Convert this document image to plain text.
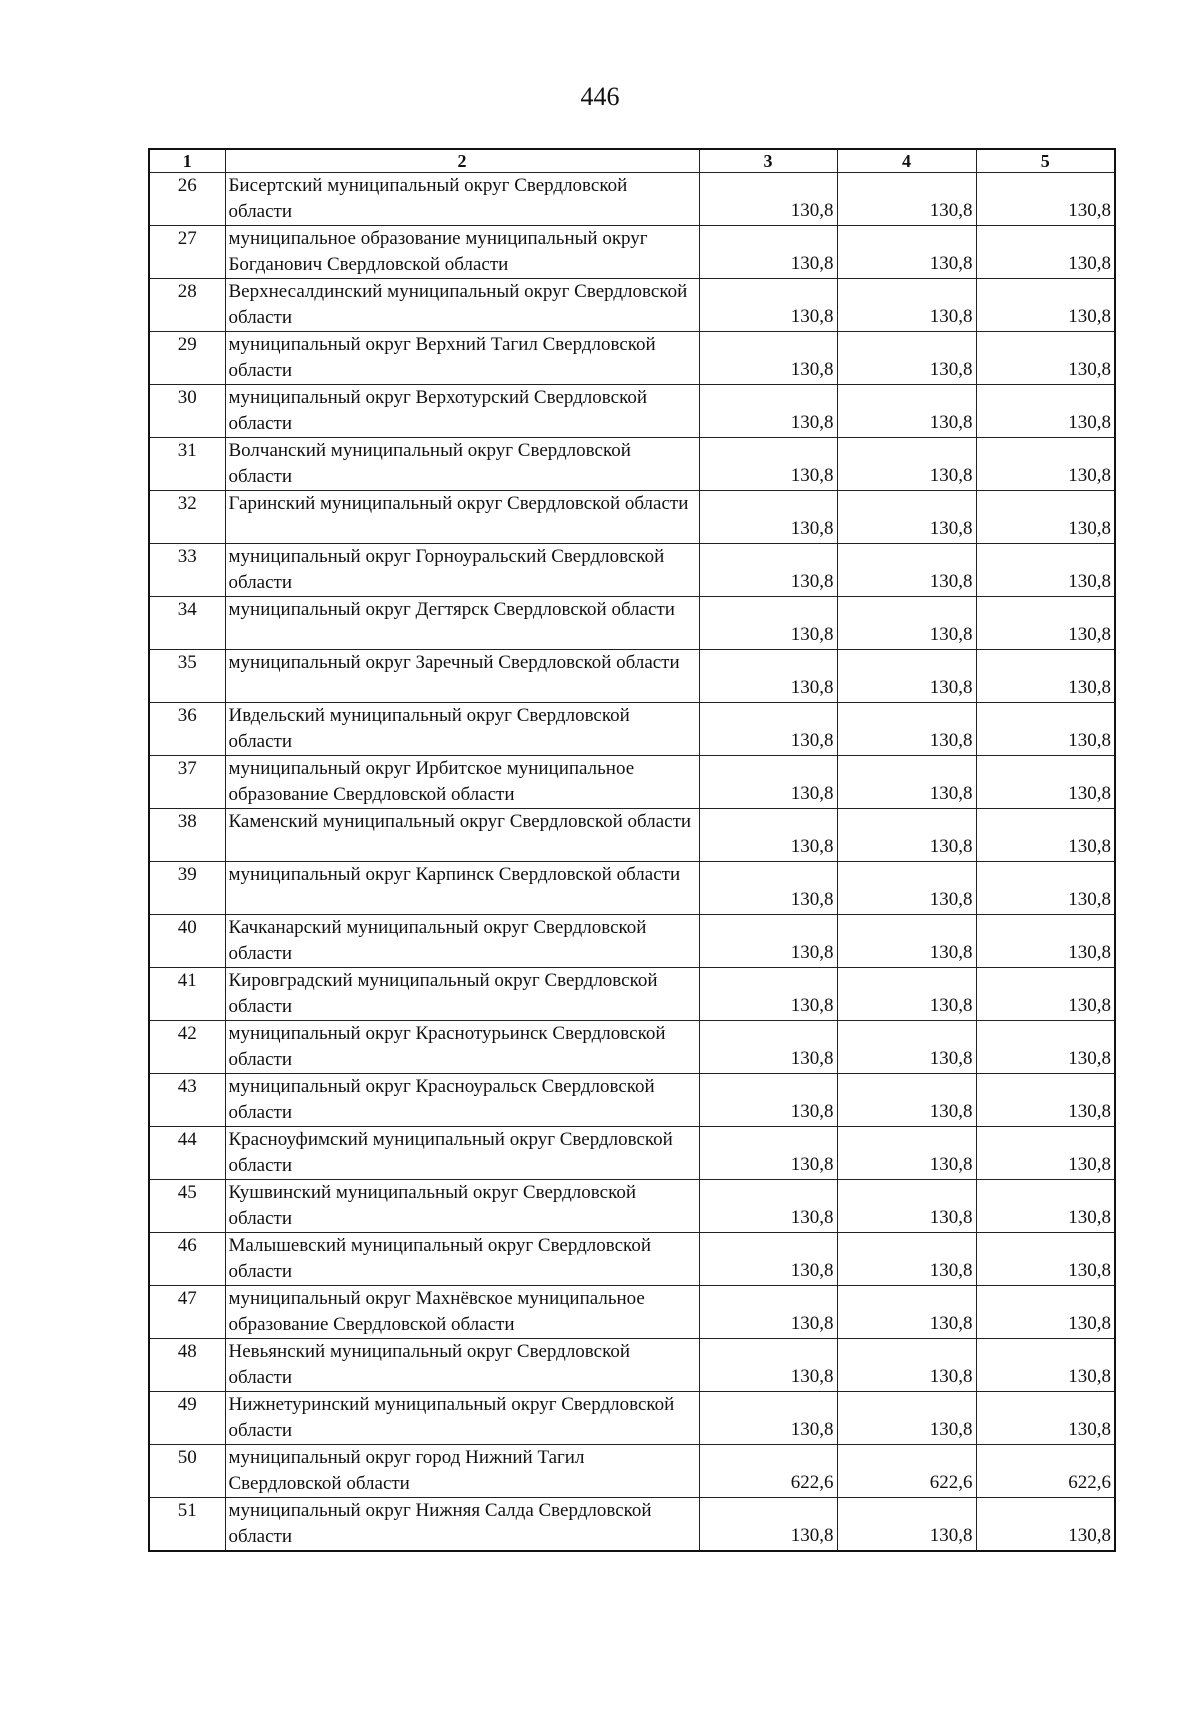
446
1	2	3	4	5
26	Бисертский муниципальный округ Свердловской области	130,8	130,8	130,8
27	муниципальное образование муниципальный округ Богданович Свердловской области	130,8	130,8	130,8
28	Верхнесалдинский муниципальный округ Свердловской области	130,8	130,8	130,8
29	муниципальный округ Верхний Тагил Свердловской области	130,8	130,8	130,8
30	муниципальный округ Верхотурский Свердловской области	130,8	130,8	130,8
31	Волчанский муниципальный округ Свердловской области	130,8	130,8	130,8
32	Гаринский муниципальный округ Свердловской области	130,8	130,8	130,8
33	муниципальный округ Горноуральский Свердловской области	130,8	130,8	130,8
34	муниципальный округ Дегтярск Свердловской области	130,8	130,8	130,8
35	муниципальный округ Заречный Свердловской области	130,8	130,8	130,8
36	Ивдельский муниципальный округ Свердловской области	130,8	130,8	130,8
37	муниципальный округ Ирбитское муниципальное образование Свердловской области	130,8	130,8	130,8
38	Каменский муниципальный округ Свердловской области	130,8	130,8	130,8
39	муниципальный округ Карпинск Свердловской области	130,8	130,8	130,8
40	Качканарский муниципальный округ Свердловской области	130,8	130,8	130,8
41	Кировградский муниципальный округ Свердловской области	130,8	130,8	130,8
42	муниципальный округ Краснотурьинск Свердловской области	130,8	130,8	130,8
43	муниципальный округ Красноуральск Свердловской области	130,8	130,8	130,8
44	Красноуфимский муниципальный округ Свердловской области	130,8	130,8	130,8
45	Кушвинский муниципальный округ Свердловской области	130,8	130,8	130,8
46	Малышевский муниципальный округ Свердловской области	130,8	130,8	130,8
47	муниципальный округ Махнёвское муниципальное образование Свердловской области	130,8	130,8	130,8
48	Невьянский муниципальный округ Свердловской области	130,8	130,8	130,8
49	Нижнетуринский муниципальный округ Свердловской области	130,8	130,8	130,8
50	муниципальный округ город Нижний Тагил Свердловской области	622,6	622,6	622,6
51	муниципальный округ Нижняя Салда Свердловской области	130,8	130,8	130,8
